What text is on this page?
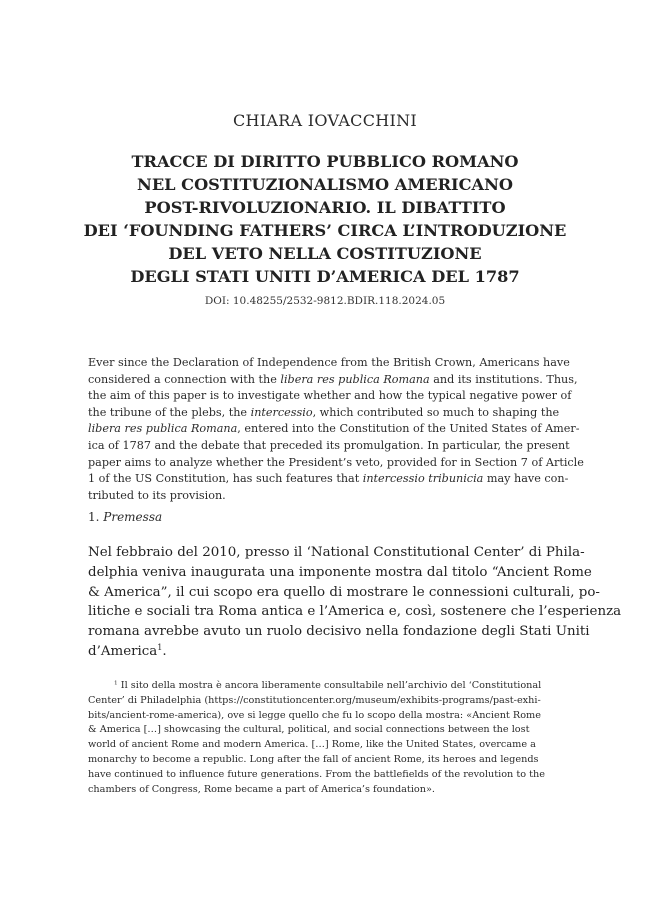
CHIARA IOVACCHINI
TRACCE DI DIRITTO PUBBLICO ROMANO
NEL COSTITUZIONALISMO AMERICANO
POST-RIVOLUZIONARIO. IL DIBATTITO
DEI ‘FOUNDING FATHERS’ CIRCA L’INTRODUZIONE
DEL VETO NELLA COSTITUZIONE
DEGLI STATI UNITI D’AMERICA DEL 1787
DOI: 10.48255/2532-9812.BDIR.118.2024.05
Ever since the Declaration of Independence from the British Crown, Americans have
considered a connection with the libera res publica Romana and its institutions. Thus,
the aim of this paper is to investigate whether and how the typical negative power of
the tribune of the plebs, the intercessio, which contributed so much to shaping the
libera res publica Romana, entered into the Constitution of the United States of Amer-
ica of 1787 and the debate that preceded its promulgation. In particular, the present
paper aims to analyze whether the President’s veto, provided for in Section 7 of Article
1 of the US Constitution, has such features that intercessio tribunicia may have con-
tributed to its provision.
1. Premessa
Nel febbraio del 2010, presso il ‘National Constitutional Center’ di Phila-
delphia veniva inaugurata una imponente mostra dal titolo “Ancient Rome
& America”, il cui scopo era quello di mostrare le connessioni culturali, po-
litiche e sociali tra Roma antica e l’America e, così, sostenere che l’esperienza
romana avrebbe avuto un ruolo decisivo nella fondazione degli Stati Uniti
d’America$^1$.
$^1$ Il sito della mostra è ancora liberamente consultabile nell’archivio del ‘Constitutional
Center’ di Philadelphia (https://constitutioncenter.org/museum/exhibits-programs/past-exhi-
bits/ancient-rome-america), ove si legge quello che fu lo scopo della mostra: «Ancient Rome
& America […] showcasing the cultural, political, and social connections between the lost
world of ancient Rome and modern America. […] Rome, like the United States, overcame a
monarchy to become a republic. Long after the fall of ancient Rome, its heroes and legends
have continued to influence future generations. From the battlefields of the revolution to the
chambers of Congress, Rome became a part of America’s foundation».
